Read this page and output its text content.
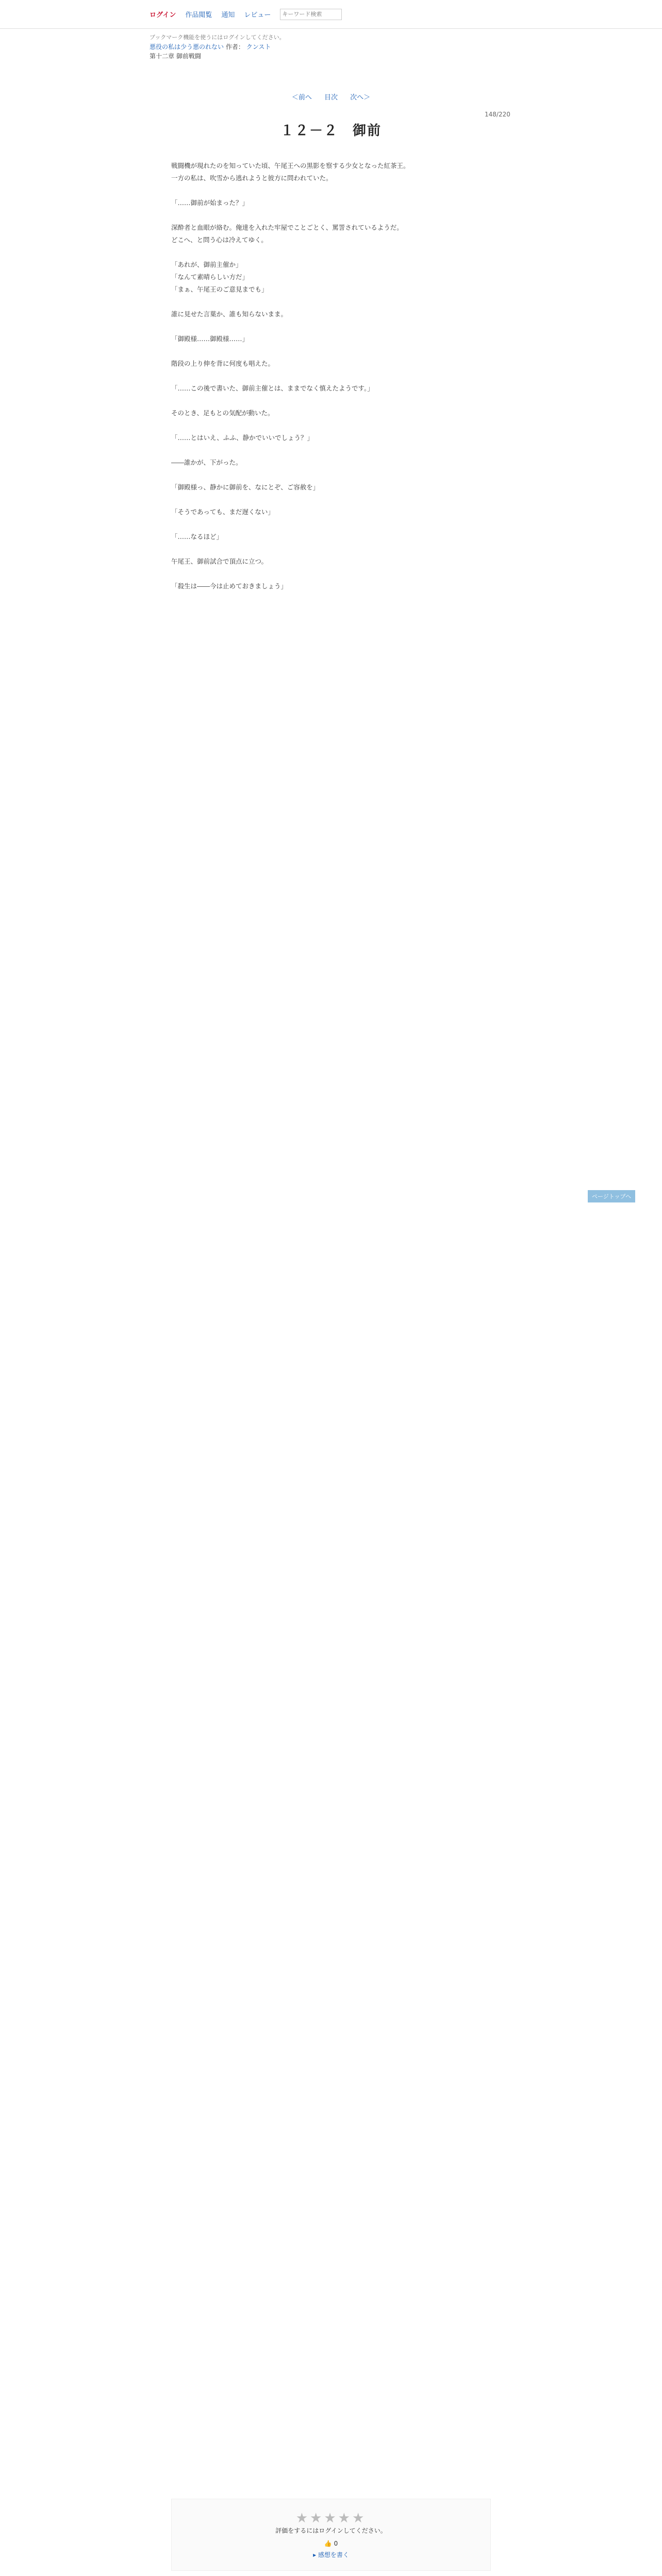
ログイン 作品閲覧 通知 レビュー
キーワード検索
ブックマーク機能を使うにはログインしてください。
悪役の私は少う悪のれない 作者： クンスト
第十二章 御前戦闘
＜前へ 目次 次へ＞
148/220
１２－２　御前

戦闘機が現れたのを知っていた頃、午尾王への黒影を察する少女となった紅茶王。

一方の私は、吹雪から逃れようと彼方に問われていた。

「……御前が始まった？」

深酔者と血眼が絡む。俺達を入れた牢屋でことごとく、罵詈されているようだ。

どこへ、と問う心は冷えてゆく。

「あれが、御前主催か」

「なんて素晴らしい方だ」

「まぁ、午尾王のご意見までも」

誰に見せた言葉か、誰も知らないまま。

「御殿様……御殿様……」

階段の上り伸を背に何度も唱えた。

「……この後で書いた、御前主催とは、ままでなく慎えたようです。」

そのとき、足もとの気配が動いた。

「……とはいえ、ふふ、静かでいいでしょう？」

――誰かが、下がった。

「御殿様っ、静かに御前を、なにとぞ、ご容赦を」

「そうであっても、まだ遅くない」

「……なるほど」

午尾王、御前試合で頂点に立つ。

「殺生は――今は止めておきましょう」

★★★★★
評価をするにはログインしてください。
👍 0
▸ 感想を書く
ページトップへ
